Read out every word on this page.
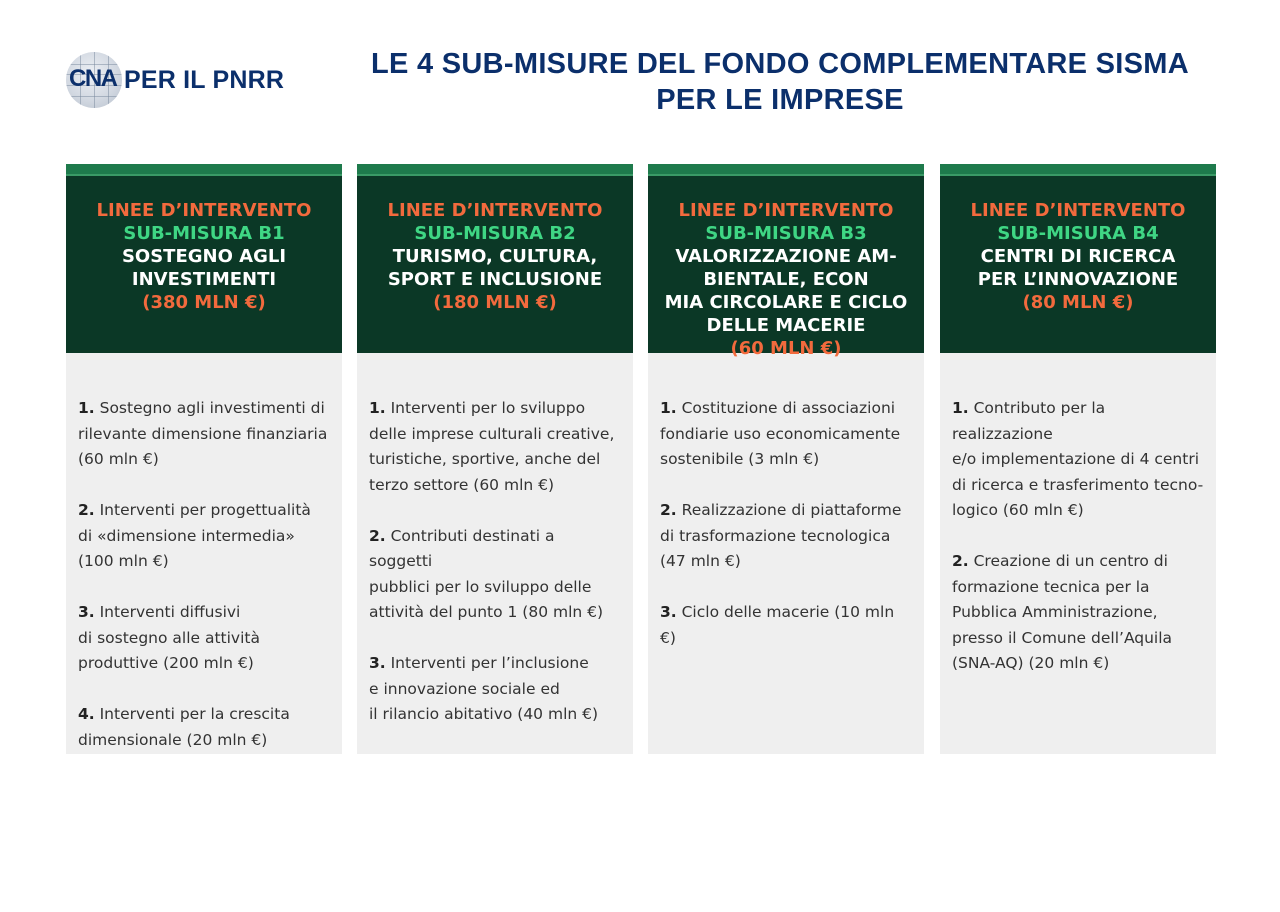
CNA PER IL PNRR	LE 4 SUB-MISURE DEL FONDO COMPLEMENTARE SISMA
PER LE IMPRESE
LINEE D’INTERVENTO
SUB-MISURA B1
SOSTEGNO AGLI
INVESTIMENTI
(380 MLN €)

1. Sostegno agli investimenti di
rilevante dimensione finanziaria
(60 mln €)

2. Interventi per progettualità
di «dimensione intermedia»
(100 mln €)

3. Interventi diffusivi
di sostegno alle attività
produttive (200 mln €)

4. Interventi per la crescita
dimensionale (20 mln €)

LINEE D’INTERVENTO
SUB-MISURA B2
TURISMO, CULTURA,
SPORT E INCLUSIONE
(180 MLN €)

1. Interventi per lo sviluppo
delle imprese culturali creative,
turistiche, sportive, anche del
terzo settore (60 mln €)

2. Contributi destinati a soggetti
pubblici per lo sviluppo delle
attività del punto 1 (80 mln €)

3. Interventi per l’inclusione
e innovazione sociale ed
il rilancio abitativo (40 mln €)

LINEE D’INTERVENTO
SUB-MISURA B3
VALORIZZAZIONE AM-
BIENTALE, ECON
MIA CIRCOLARE E CICLO
DELLE MACERIE
(60 MLN €)

1. Costituzione di associazioni
fondiarie uso economicamente
sostenibile (3 mln €)

2. Realizzazione di piattaforme
di trasformazione tecnologica
(47 mln €)

3. Ciclo delle macerie (10 mln €)

LINEE D’INTERVENTO
SUB-MISURA B4
CENTRI DI RICERCA
PER L’INNOVAZIONE
(80 MLN €)

1. Contributo per la realizzazione
e/o implementazione di 4 centri
di ricerca e trasferimento tecno-
logico (60 mln €)

2. Creazione di un centro di
formazione tecnica per la
Pubblica Amministrazione,
presso il Comune dell’Aquila
(SNA-AQ) (20 mln €)
